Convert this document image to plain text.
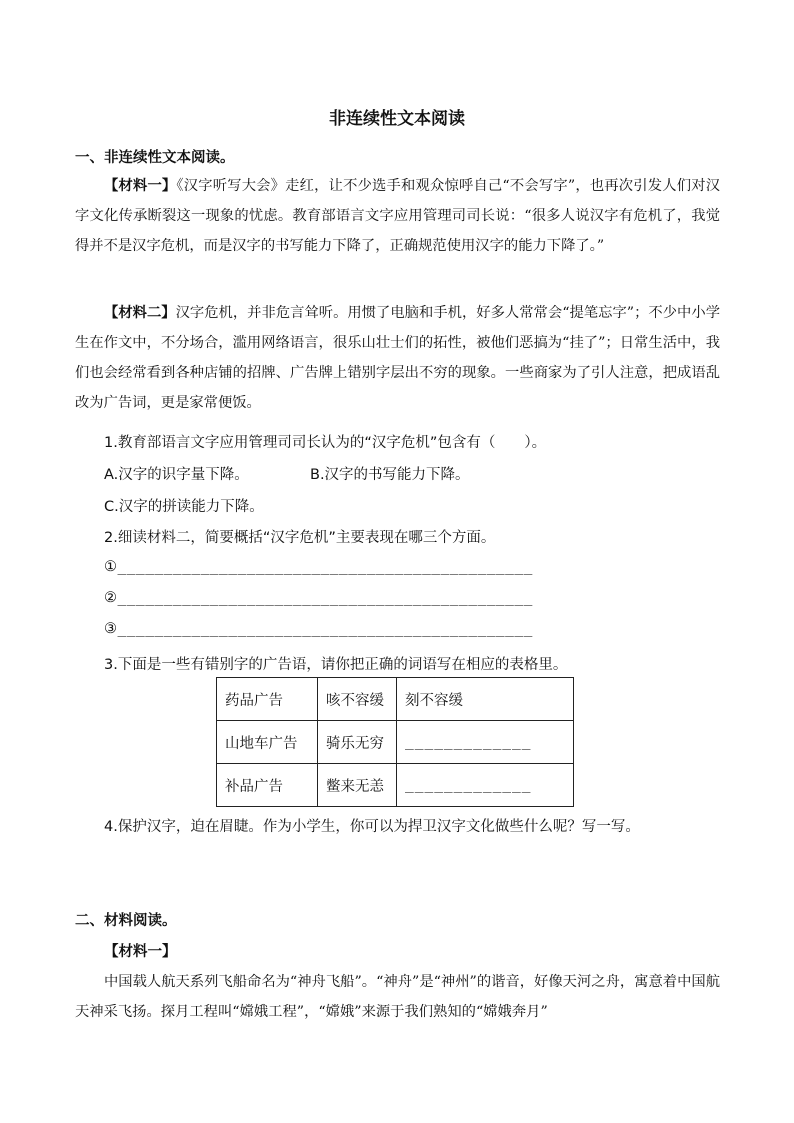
非连续性文本阅读
一、非连续性文本阅读。
【材料一】《汉字听写大会》走红，让不少选手和观众惊呼自己“不会写字”，也再次引发人们对汉字文化传承断裂这一现象的忧虑。教育部语言文字应用管理司司长说：“很多人说汉字有危机了，我觉得并不是汉字危机，而是汉字的书写能力下降了，正确规范使用汉字的能力下降了。”
【材料二】汉字危机，并非危言耸听。用惯了电脑和手机，好多人常常会“提笔忘字”；不少中小学生在作文中，不分场合，滥用网络语言，很乐山壮士们的拓性，被他们恶搞为“挂了”；日常生活中，我们也会经常看到各种店铺的招牌、广告牌上错别字层出不穷的现象。一些商家为了引人注意，把成语乱改为广告词，更是家常便饭。
1.教育部语言文字应用管理司司长认为的“汉字危机”包含有（　　）。
A.汉字的识字量下降。	B.汉字的书写能力下降。
C.汉字的拼读能力下降。
2.细读材料二，简要概括“汉字危机”主要表现在哪三个方面。
①_____________________________________________
②_____________________________________________
③_____________________________________________
3.下面是一些有错别字的广告语，请你把正确的词语写在相应的表格里。
药品广告	咳不容缓	刻不容缓
山地车广告	骑乐无穷	_____________
补品广告	鳖来无恙	_____________
4.保护汉字，迫在眉睫。作为小学生，你可以为捍卫汉字文化做些什么呢？写一写。
二、材料阅读。
【材料一】
中国载人航天系列飞船命名为“神舟飞船”。“神舟”是“神州”的谐音，好像天河之舟，寓意着中国航天神采飞扬。探月工程叫“嫦娥工程”，“嫦娥”来源于我们熟知的“嫦娥奔月”
